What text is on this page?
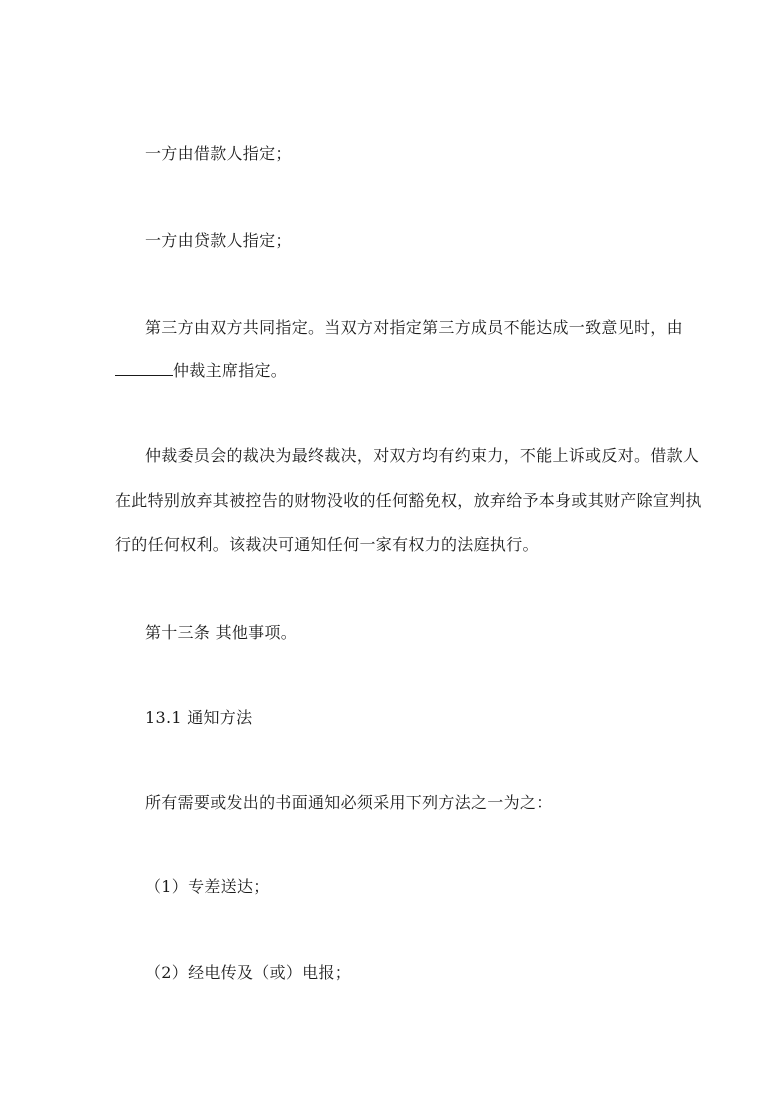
一方由借款人指定；
一方由贷款人指定；
第三方由双方共同指定。当双方对指定第三方成员不能达成一致意见时，由
仲裁主席指定。
仲裁委员会的裁决为最终裁决，对双方均有约束力，不能上诉或反对。借款人
在此特别放弃其被控告的财物没收的任何豁免权，放弃给予本身或其财产除宣判执
行的任何权利。该裁决可通知任何一家有权力的法庭执行。
第十三条 其他事项。
13.1 通知方法
所有需要或发出的书面通知必须采用下列方法之一为之：
（1）专差送达；
（2）经电传及（或）电报；
